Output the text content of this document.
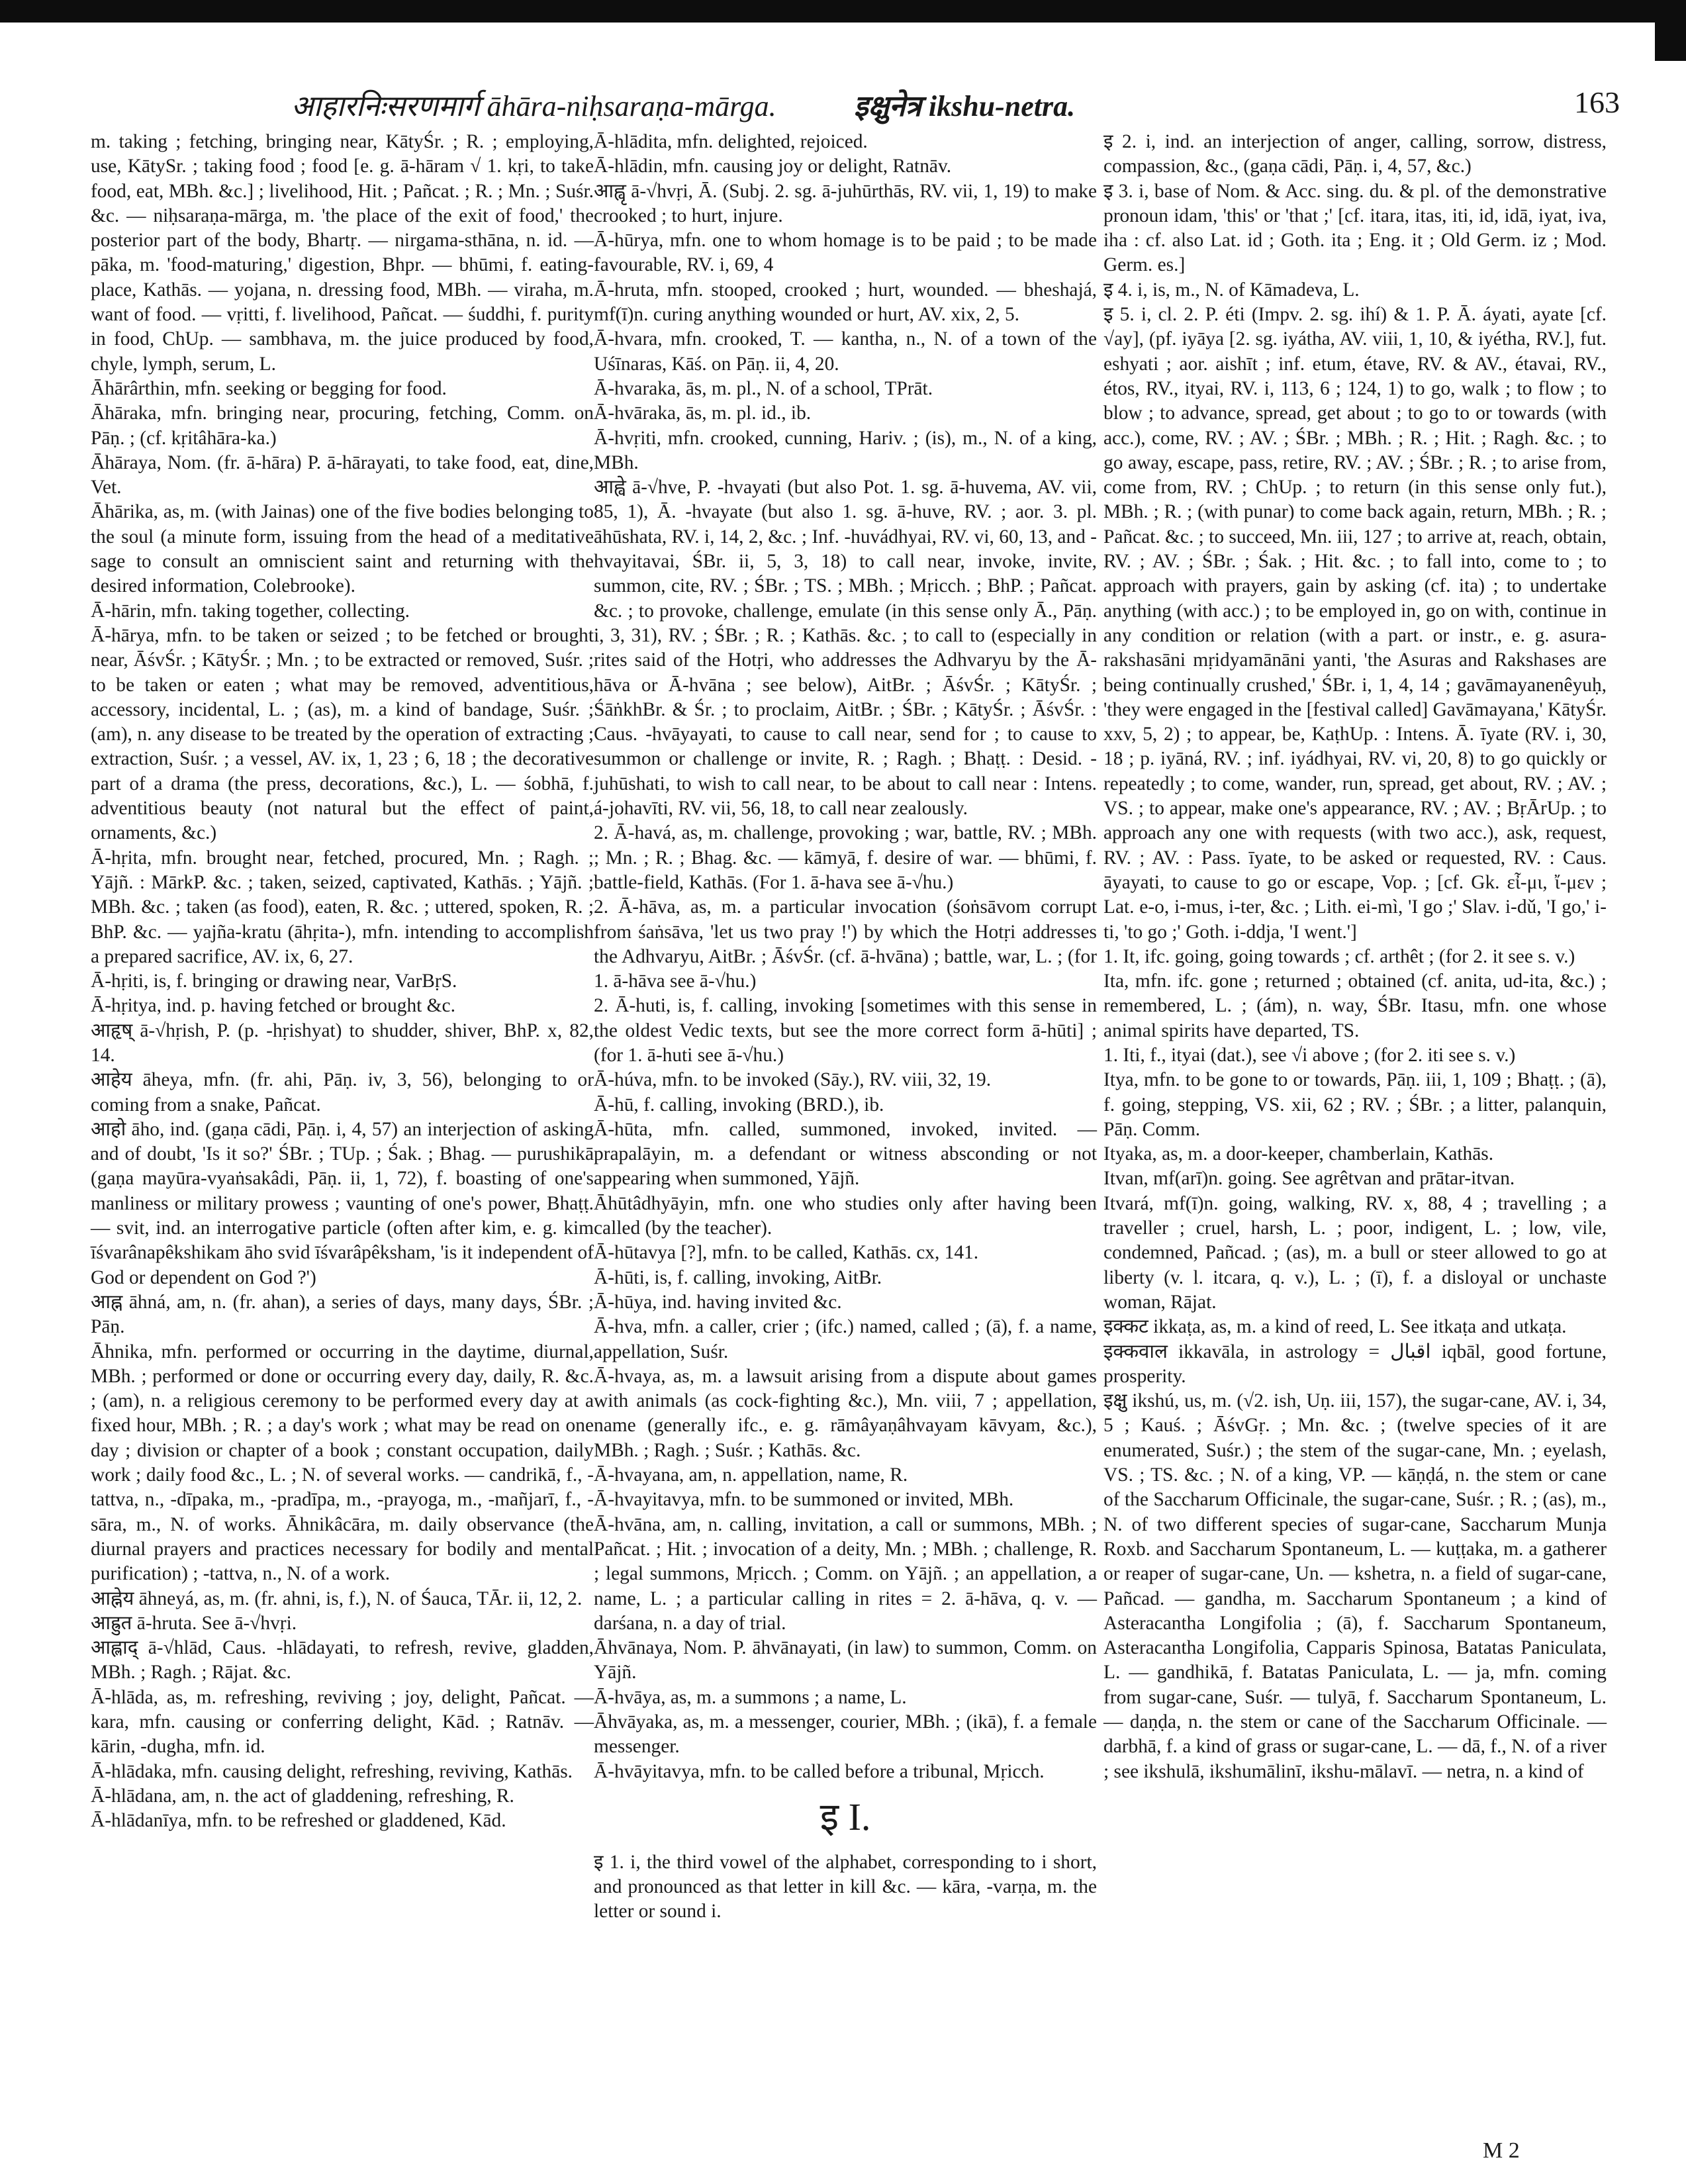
आहारनिःसरणमार्ग āhāra-niḥsaraṇa-mārga.	इक्षुनेत्र ikshu-netra.	163

m. taking ; fetching, bringing near, KātyŚr. ; R. ; employing, use, KātySr. ; taking food ; food [e. g. ā-hāram √ 1. kṛi, to take food, eat, MBh. &c.] ; livelihood, Hit. ; Pañcat. ; R. ; Mn. ; Suśr. &c. — niḥsaraṇa-mārga, m. 'the place of the exit of food,' the posterior part of the body, Bhartṛ. — nirgama-sthāna, n. id. — pāka, m. 'food-maturing,' digestion, Bhpr. — bhūmi, f. eating-place, Kathās. — yojana, n. dressing food, MBh. — viraha, m. want of food. — vṛitti, f. livelihood, Pañcat. — śuddhi, f. purity in food, ChUp. — sambhava, m. the juice produced by food, chyle, lymph, serum, L.

Āhārârthin, mfn. seeking or begging for food.

Āhāraka, mfn. bringing near, procuring, fetching, Comm. on Pāṇ. ; (cf. kṛitâhāra-ka.)

Āhāraya, Nom. (fr. ā-hāra) P. ā-hārayati, to take food, eat, dine, Vet.

Āhārika, as, m. (with Jainas) one of the five bodies belonging to the soul (a minute form, issuing from the head of a meditative sage to consult an omniscient saint and returning with the desired information, Colebrooke).

Ā-hārin, mfn. taking together, collecting.

Ā-hārya, mfn. to be taken or seized ; to be fetched or brought near, ĀśvŚr. ; KātyŚr. ; Mn. ; to be extracted or removed, Suśr. ; to be taken or eaten ; what may be removed, adventitious, accessory, incidental, L. ; (as), m. a kind of bandage, Suśr. ; (am), n. any disease to be treated by the operation of extracting ; extraction, Suśr. ; a vessel, AV. ix, 1, 23 ; 6, 18 ; the decorative part of a drama (the press, decorations, &c.), L. — śobhā, f. adventitious beauty (not natural but the effect of paint, ornaments, &c.)

Ā-hṛita, mfn. brought near, fetched, procured, Mn. ; Ragh. ; Yājñ. : MārkP. &c. ; taken, seized, captivated, Kathās. ; Yājñ. ; MBh. &c. ; taken (as food), eaten, R. &c. ; uttered, spoken, R. ; BhP. &c. — yajña-kratu (āhṛita-), mfn. intending to accomplish a prepared sacrifice, AV. ix, 6, 27.

Ā-hṛiti, is, f. bringing or drawing near, VarBṛS.

Ā-hṛitya, ind. p. having fetched or brought &c.

आहृष् ā-√hṛish, P. (p. -hṛishyat) to shudder, shiver, BhP. x, 82, 14.

आहेय āheya, mfn. (fr. ahi, Pāṇ. iv, 3, 56), belonging to or coming from a snake, Pañcat.

आहो āho, ind. (gaṇa cādi, Pāṇ. i, 4, 57) an interjection of asking and of doubt, 'Is it so?' ŚBr. ; TUp. ; Śak. ; Bhag. — purushikā (gaṇa mayūra-vyaṅsakâdi, Pāṇ. ii, 1, 72), f. boasting of one's manliness or military prowess ; vaunting of one's power, Bhaṭṭ. — svit, ind. an interrogative particle (often after kim, e. g. kim īśvarânapêkshikam āho svid īśvarâpêksham, 'is it independent of God or dependent on God ?')

आह्न āhná, am, n. (fr. ahan), a series of days, many days, ŚBr. ; Pāṇ.

Āhnika, mfn. performed or occurring in the daytime, diurnal, MBh. ; performed or done or occurring every day, daily, R. &c. ; (am), n. a religious ceremony to be performed every day at a fixed hour, MBh. ; R. ; a day's work ; what may be read on one day ; division or chapter of a book ; constant occupation, daily work ; daily food &c., L. ; N. of several works. — candrikā, f., -tattva, n., -dīpaka, m., -pradīpa, m., -prayoga, m., -mañjarī, f., -sāra, m., N. of works. Āhnikâcāra, m. daily observance (the diurnal prayers and practices necessary for bodily and mental purification) ; -tattva, n., N. of a work.

आह्नेय āhneyá, as, m. (fr. ahni, is, f.), N. of Śauca, TĀr. ii, 12, 2.

आह्रुत ā-hruta. See ā-√hvṛi.

आह्लाद् ā-√hlād, Caus. -hlādayati, to refresh, revive, gladden, MBh. ; Ragh. ; Rājat. &c.

Ā-hlāda, as, m. refreshing, reviving ; joy, delight, Pañcat. — kara, mfn. causing or conferring delight, Kād. ; Ratnāv. — kārin, -dugha, mfn. id.

Ā-hlādaka, mfn. causing delight, refreshing, reviving, Kathās.

Ā-hlādana, am, n. the act of gladdening, refreshing, R.

Ā-hlādanīya, mfn. to be refreshed or gladdened, Kād.

Ā-hlādita, mfn. delighted, rejoiced.

Ā-hlādin, mfn. causing joy or delight, Ratnāv.

आह्वृ ā-√hvṛi, Ā. (Subj. 2. sg. ā-juhūrthās, RV. vii, 1, 19) to make crooked ; to hurt, injure.

Ā-hūrya, mfn. one to whom homage is to be paid ; to be made favourable, RV. i, 69, 4

Ā-hruta, mfn. stooped, crooked ; hurt, wounded. — bheshajá, mf(ī)n. curing anything wounded or hurt, AV. xix, 2, 5.

Ā-hvara, mfn. crooked, T. — kantha, n., N. of a town of the Uśīnaras, Kāś. on Pāṇ. ii, 4, 20.

Ā-hvaraka, ās, m. pl., N. of a school, TPrāt.

Ā-hvāraka, ās, m. pl. id., ib.

Ā-hvṛiti, mfn. crooked, cunning, Hariv. ; (is), m., N. of a king, MBh.

आह्वे ā-√hve, P. -hvayati (but also Pot. 1. sg. ā-huvema, AV. vii, 85, 1), Ā. -hvayate (but also 1. sg. ā-huve, RV. ; aor. 3. pl. āhūshata, RV. i, 14, 2, &c. ; Inf. -huvádhyai, RV. vi, 60, 13, and -hvayitavai, ŚBr. ii, 5, 3, 18) to call near, invoke, invite, summon, cite, RV. ; ŚBr. ; TS. ; MBh. ; Mṛicch. ; BhP. ; Pañcat. &c. ; to provoke, challenge, emulate (in this sense only Ā., Pāṇ. i, 3, 31), RV. ; ŚBr. ; R. ; Kathās. &c. ; to call to (especially in rites said of the Hotṛi, who addresses the Adhvaryu by the Ā-hāva or Ā-hvāna ; see below), AitBr. ; ĀśvŚr. ; KātyŚr. ; ŚāṅkhBr. & Śr. ; to proclaim, AitBr. ; ŚBr. ; KātyŚr. ; ĀśvŚr. : Caus. -hvāyayati, to cause to call near, send for ; to cause to summon or challenge or invite, R. ; Ragh. ; Bhaṭṭ. : Desid. -juhūshati, to wish to call near, to be about to call near : Intens. á-johavīti, RV. vii, 56, 18, to call near zealously.

2. Ā-havá, as, m. challenge, provoking ; war, battle, RV. ; MBh. ; Mn. ; R. ; Bhag. &c. — kāmyā, f. desire of war. — bhūmi, f. battle-field, Kathās. (For 1. ā-hava see ā-√hu.)

2. Ā-hāva, as, m. a particular invocation (śoṅsāvom corrupt from śaṅsāva, 'let us two pray !') by which the Hotṛi addresses the Adhvaryu, AitBr. ; ĀśvŚr. (cf. ā-hvāna) ; battle, war, L. ; (for 1. ā-hāva see ā-√hu.)

2. Ā-huti, is, f. calling, invoking [sometimes with this sense in the oldest Vedic texts, but see the more correct form ā-hūti] ; (for 1. ā-huti see ā-√hu.)

Ā-húva, mfn. to be invoked (Sāy.), RV. viii, 32, 19.

Ā-hū, f. calling, invoking (BRD.), ib.

Ā-hūta, mfn. called, summoned, invoked, invited. — prapalāyin, m. a defendant or witness absconding or not appearing when summoned, Yājñ.

Āhūtâdhyāyin, mfn. one who studies only after having been called (by the teacher).

Ā-hūtavya [?], mfn. to be called, Kathās. cx, 141.

Ā-hūti, is, f. calling, invoking, AitBr.

Ā-hūya, ind. having invited &c.

Ā-hva, mfn. a caller, crier ; (ifc.) named, called ; (ā), f. a name, appellation, Suśr.

Ā-hvaya, as, m. a lawsuit arising from a dispute about games with animals (as cock-fighting &c.), Mn. viii, 7 ; appellation, name (generally ifc., e. g. rāmâyaṇâhvayam kāvyam, &c.), MBh. ; Ragh. ; Suśr. ; Kathās. &c.

Ā-hvayana, am, n. appellation, name, R.

Ā-hvayitavya, mfn. to be summoned or invited, MBh.

Ā-hvāna, am, n. calling, invitation, a call or summons, MBh. ; Pañcat. ; Hit. ; invocation of a deity, Mn. ; MBh. ; challenge, R. ; legal summons, Mṛicch. ; Comm. on Yājñ. ; an appellation, a name, L. ; a particular calling in rites = 2. ā-hāva, q. v. — darśana, n. a day of trial.

Āhvānaya, Nom. P. āhvānayati, (in law) to summon, Comm. on Yājñ.

Ā-hvāya, as, m. a summons ; a name, L.

Āhvāyaka, as, m. a messenger, courier, MBh. ; (ikā), f. a female messenger.

Ā-hvāyitavya, mfn. to be called before a tribunal, Mṛicch.

इ I.

इ 1. i, the third vowel of the alphabet, corresponding to i short, and pronounced as that letter in kill &c. — kāra, -varṇa, m. the letter or sound i.

इ 2. i, ind. an interjection of anger, calling, sorrow, distress, compassion, &c., (gaṇa cādi, Pāṇ. i, 4, 57, &c.)

इ 3. i, base of Nom. & Acc. sing. du. & pl. of the demonstrative pronoun idam, 'this' or 'that ;' [cf. itara, itas, iti, id, idā, iyat, iva, iha : cf. also Lat. id ; Goth. ita ; Eng. it ; Old Germ. iz ; Mod. Germ. es.]

इ 4. i, is, m., N. of Kāmadeva, L.

इ 5. i, cl. 2. P. éti (Impv. 2. sg. ihí) & 1. P. Ā. áyati, ayate [cf. √ay], (pf. iyāya [2. sg. iyátha, AV. viii, 1, 10, & iyétha, RV.], fut. eshyati ; aor. aishīt ; inf. etum, étave, RV. & AV., étavai, RV., étos, RV., ityai, RV. i, 113, 6 ; 124, 1) to go, walk ; to flow ; to blow ; to advance, spread, get about ; to go to or towards (with acc.), come, RV. ; AV. ; ŚBr. ; MBh. ; R. ; Hit. ; Ragh. &c. ; to go away, escape, pass, retire, RV. ; AV. ; ŚBr. ; R. ; to arise from, come from, RV. ; ChUp. ; to return (in this sense only fut.), MBh. ; R. ; (with punar) to come back again, return, MBh. ; R. ; Pañcat. &c. ; to succeed, Mn. iii, 127 ; to arrive at, reach, obtain, RV. ; AV. ; ŚBr. ; Śak. ; Hit. &c. ; to fall into, come to ; to approach with prayers, gain by asking (cf. ita) ; to undertake anything (with acc.) ; to be employed in, go on with, continue in any condition or relation (with a part. or instr., e. g. asura-rakshasāni mṛidyamānāni yanti, 'the Asuras and Rakshases are being continually crushed,' ŚBr. i, 1, 4, 14 ; gavāmayanenêyuḥ, 'they were engaged in the [festival called] Gavāmayana,' KātyŚr. xxv, 5, 2) ; to appear, be, KaṭhUp. : Intens. Ā. īyate (RV. i, 30, 18 ; p. iyāná, RV. ; inf. iyádhyai, RV. vi, 20, 8) to go quickly or repeatedly ; to come, wander, run, spread, get about, RV. ; AV. ; VS. ; to appear, make one's appearance, RV. ; AV. ; BṛĀrUp. ; to approach any one with requests (with two acc.), ask, request, RV. ; AV. : Pass. īyate, to be asked or requested, RV. : Caus. āyayati, to cause to go or escape, Vop. ; [cf. Gk. εἶ-μι, ἴ-μεν ; Lat. e-o, i-mus, i-ter, &c. ; Lith. ei-mì, 'I go ;' Slav. i-dǔ, 'I go,' i-ti, 'to go ;' Goth. i-ddja, 'I went.']

1. It, ifc. going, going towards ; cf. arthêt ; (for 2. it see s. v.)

Ita, mfn. ifc. gone ; returned ; obtained (cf. anita, ud-ita, &c.) ; remembered, L. ; (ám), n. way, ŚBr. Itasu, mfn. one whose animal spirits have departed, TS.

1. Iti, f., ityai (dat.), see √i above ; (for 2. iti see s. v.)

Itya, mfn. to be gone to or towards, Pāṇ. iii, 1, 109 ; Bhaṭṭ. ; (ā), f. going, stepping, VS. xii, 62 ; RV. ; ŚBr. ; a litter, palanquin, Pāṇ. Comm.

Ityaka, as, m. a door-keeper, chamberlain, Kathās.

Itvan, mf(arī)n. going. See agrêtvan and prātar-itvan.

Itvará, mf(ī)n. going, walking, RV. x, 88, 4 ; travelling ; a traveller ; cruel, harsh, L. ; poor, indigent, L. ; low, vile, condemned, Pañcad. ; (as), m. a bull or steer allowed to go at liberty (v. l. itcara, q. v.), L. ; (ī), f. a disloyal or unchaste woman, Rājat.

इक्कट ikkaṭa, as, m. a kind of reed, L. See itkaṭa and utkaṭa.

इक्कवाल ikkavāla, in astrology = اقبال iqbāl, good fortune, prosperity.

इक्षु ikshú, us, m. (√2. ish, Uṇ. iii, 157), the sugar-cane, AV. i, 34, 5 ; Kauś. ; ĀśvGṛ. ; Mn. &c. ; (twelve species of it are enumerated, Suśr.) ; the stem of the sugar-cane, Mn. ; eyelash, VS. ; TS. &c. ; N. of a king, VP. — kāṇḍá, n. the stem or cane of the Saccharum Officinale, the sugar-cane, Suśr. ; R. ; (as), m., N. of two different species of sugar-cane, Saccharum Munja Roxb. and Saccharum Spontaneum, L. — kuṭṭaka, m. a gatherer or reaper of sugar-cane, Un. — kshetra, n. a field of sugar-cane, Pañcad. — gandha, m. Saccharum Spontaneum ; a kind of Asteracantha Longifolia ; (ā), f. Saccharum Spontaneum, Asteracantha Longifolia, Capparis Spinosa, Batatas Paniculata, L. — gandhikā, f. Batatas Paniculata, L. — ja, mfn. coming from sugar-cane, Suśr. — tulyā, f. Saccharum Spontaneum, L. — daṇḍa, n. the stem or cane of the Saccharum Officinale. — darbhā, f. a kind of grass or sugar-cane, L. — dā, f., N. of a river ; see ikshulā, ikshumālinī, ikshu-mālavī. — netra, n. a kind of

M 2
